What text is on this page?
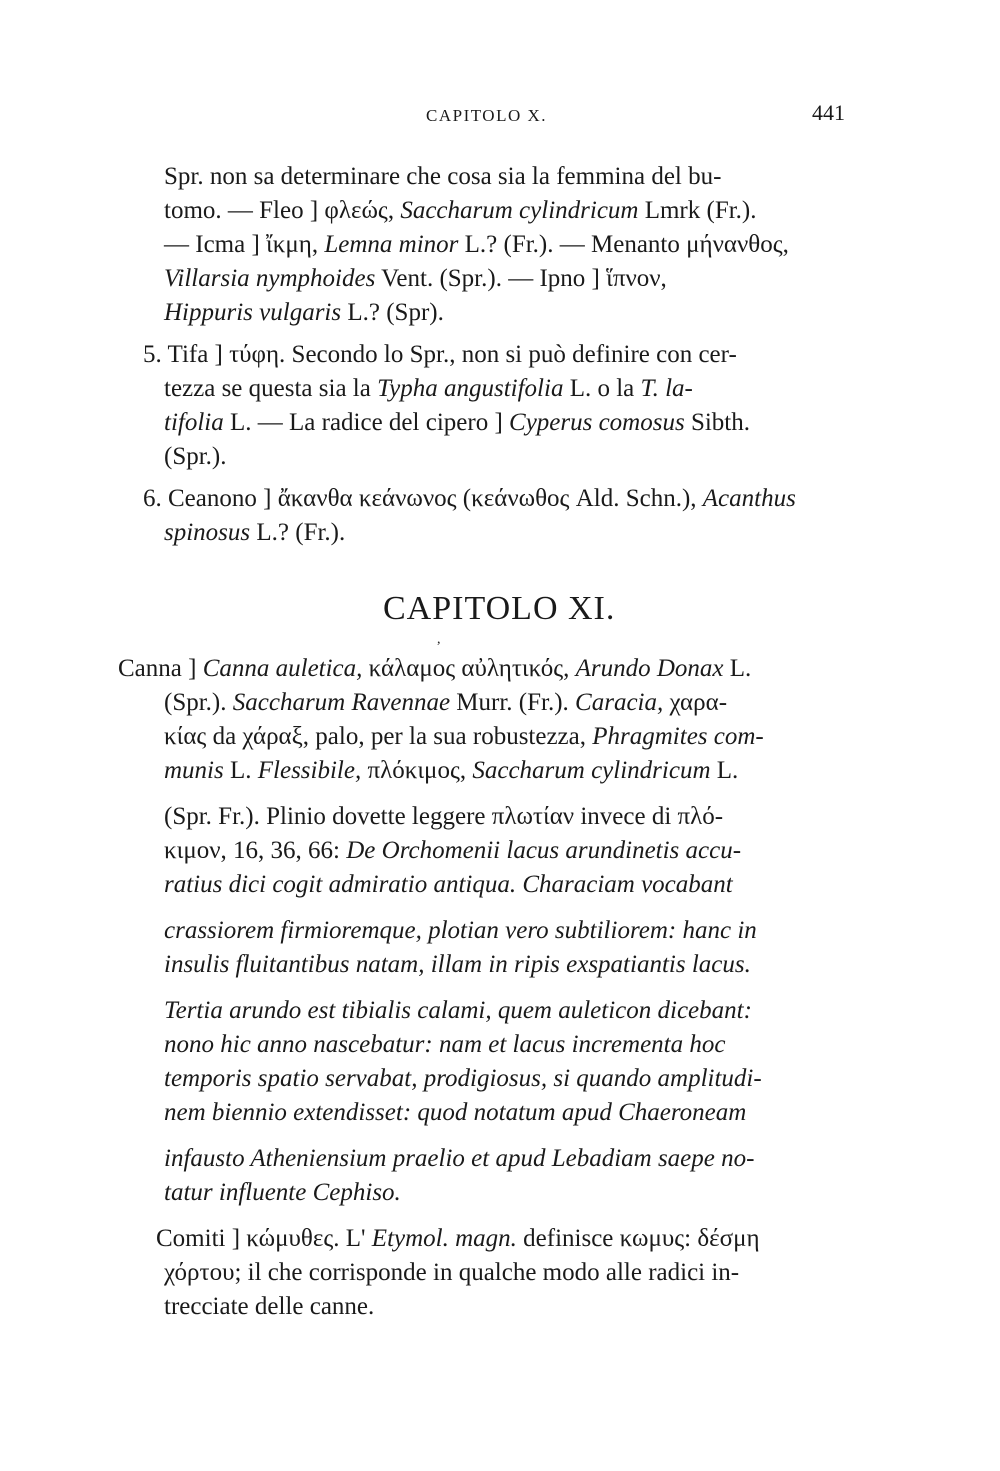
CAPITOLO X.	441
CAPITOLO XI.
,
Spr. non sa determinare che cosa sia la femmina del bu-
tomo. — Fleo ] φλεώς, Saccharum cylindricum Lmrk (Fr.).
— Icma ] ἴκμη, Lemna minor L.? (Fr.). — Menanto μήνανθος,
Villarsia nymphoides Vent. (Spr.). — Ipno ] ἵπνον,
Hippuris vulgaris L.? (Spr).
5. Tifa ] τύφη. Secondo lo Spr., non si può definire con cer-
tezza se questa sia la Typha angustifolia L. o la T. la-
tifolia L. — La radice del cipero ] Cyperus comosus Sibth.
(Spr.).
6. Ceanono ] ἄκανθα κεάνωνος (κεάνωθος Ald. Schn.), Acanthus
spinosus L.? (Fr.).
Canna ] Canna auletica, κάλαμος αὐλητικός, Arundo Donax L.
(Spr.). Saccharum Ravennae Murr. (Fr.). Caracia, χαρα-
κίας da χάραξ, palo, per la sua robustezza, Phragmites com-
munis L. Flessibile, πλόκιμος, Saccharum cylindricum L.
(Spr. Fr.). Plinio dovette leggere πλωτίαν invece di πλό-
κιμον, 16, 36, 66: De Orchomenii lacus arundinetis accu-
ratius dici cogit admiratio antiqua. Characiam vocabant
crassiorem firmioremque, plotian vero subtiliorem: hanc in
insulis fluitantibus natam, illam in ripis exspatiantis lacus.
Tertia arundo est tibialis calami, quem auleticon dicebant:
nono hic anno nascebatur: nam et lacus incrementa hoc
temporis spatio servabat, prodigiosus, si quando amplitudi-
nem biennio extendisset: quod notatum apud Chaeroneam
infausto Atheniensium praelio et apud Lebadiam saepe no-
tatur influente Cephiso.
Comiti ] κώμυθες. L' Etymol. magn. definisce κωμυς: δέσμη
χόρτου; il che corrisponde in qualche modo alle radici in-
trecciate delle canne.
